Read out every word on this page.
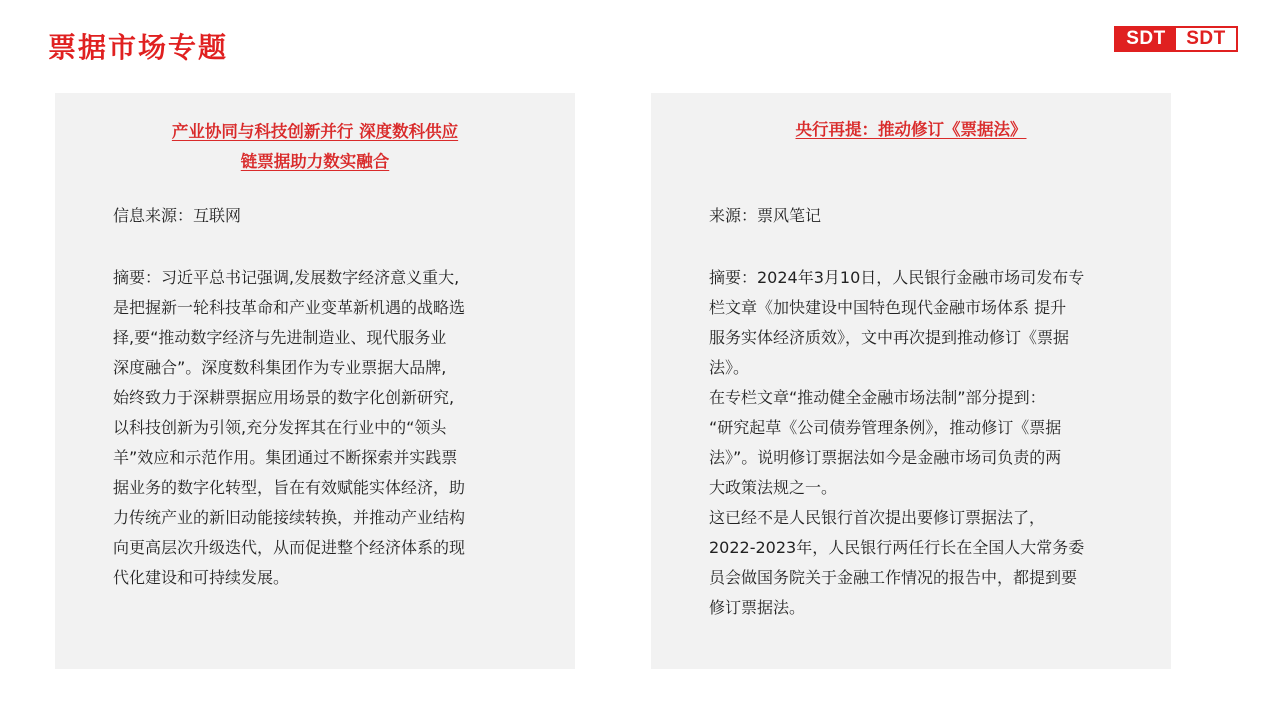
票据市场专题	SDT	SDT
产业协同与科技创新并行 深度数科供应
链票据助力数实融合
信息来源：互联网
摘要：习近平总书记强调,发展数字经济意义重大,
是把握新一轮科技革命和产业变革新机遇的战略选
择,要“推动数字经济与先进制造业、现代服务业
深度融合”。深度数科集团作为专业票据大品牌,
始终致力于深耕票据应用场景的数字化创新研究,
以科技创新为引领,充分发挥其在行业中的“领头
羊”效应和示范作用。集团通过不断探索并实践票
据业务的数字化转型，旨在有效赋能实体经济，助
力传统产业的新旧动能接续转换，并推动产业结构
向更高层次升级迭代，从而促进整个经济体系的现
代化建设和可持续发展。
央行再提：推动修订《票据法》
来源：票风笔记
摘要：2024年3月10日，人民银行金融市场司发布专
栏文章《加快建设中国特色现代金融市场体系 提升
服务实体经济质效》，文中再次提到推动修订《票据
法》。
在专栏文章“推动健全金融市场法制”部分提到：
“研究起草《公司债券管理条例》，推动修订《票据
法》”。说明修订票据法如今是金融市场司负责的两
大政策法规之一。
这已经不是人民银行首次提出要修订票据法了，
2022-2023年，人民银行两任行长在全国人大常务委
员会做国务院关于金融工作情况的报告中，都提到要
修订票据法。
